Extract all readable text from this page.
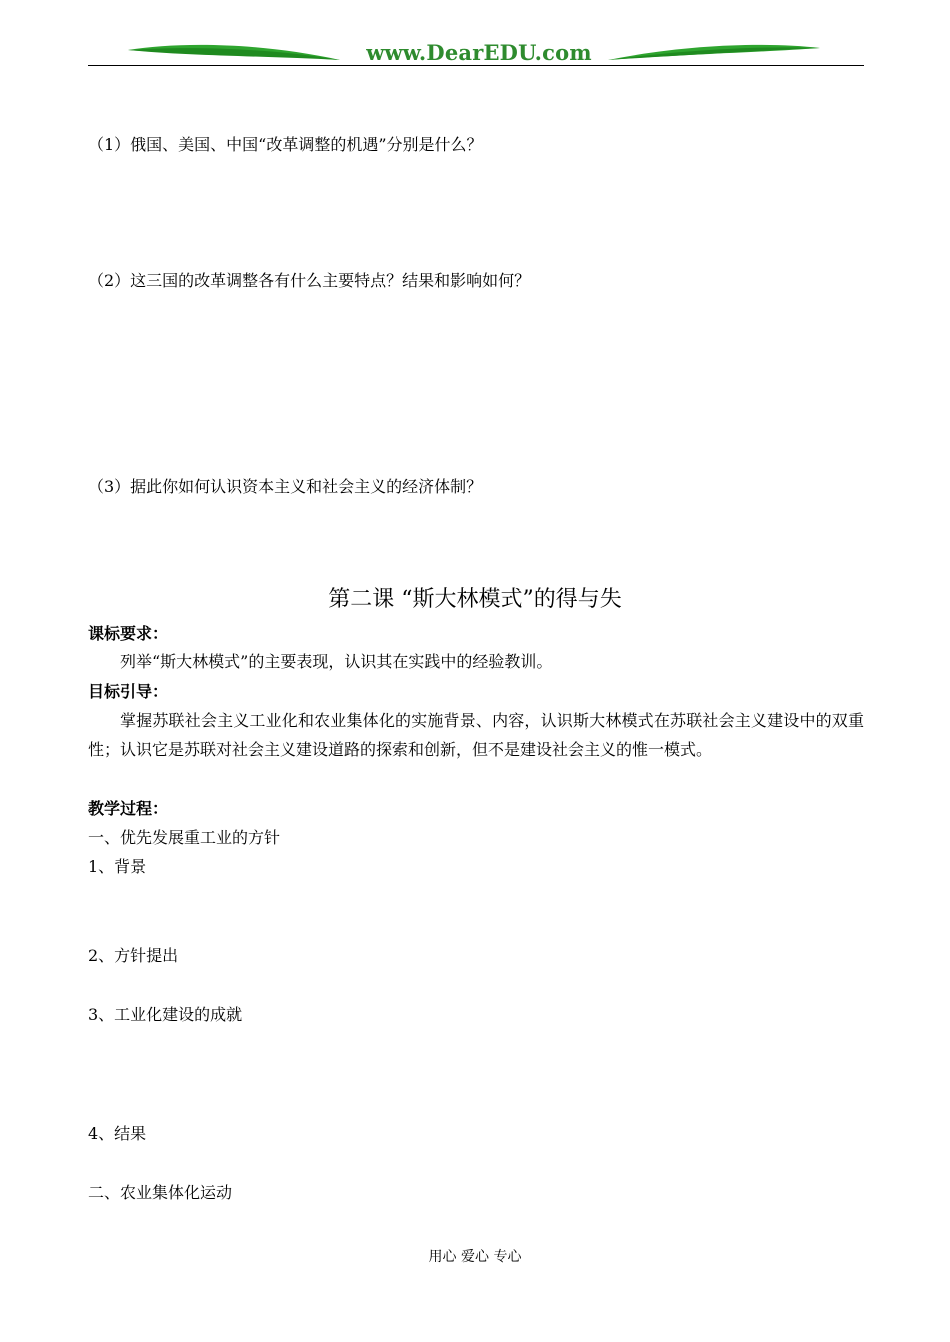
www.DearEDU.com
（1）俄国、美国、中国“改革调整的机遇”分别是什么？
（2）这三国的改革调整各有什么主要特点？结果和影响如何？
（3）据此你如何认识资本主义和社会主义的经济体制？
第二课 “斯大林模式”的得与失
课标要求：
列举“斯大林模式”的主要表现，认识其在实践中的经验教训。
目标引导：
掌握苏联社会主义工业化和农业集体化的实施背景、内容，认识斯大林模式在苏联社会主义建设中的双重性；认识它是苏联对社会主义建设道路的探索和创新，但不是建设社会主义的惟一模式。
教学过程：
一、优先发展重工业的方针
1、背景
2、方针提出
3、工业化建设的成就
4、结果
二、农业集体化运动
用心 爱心 专心
